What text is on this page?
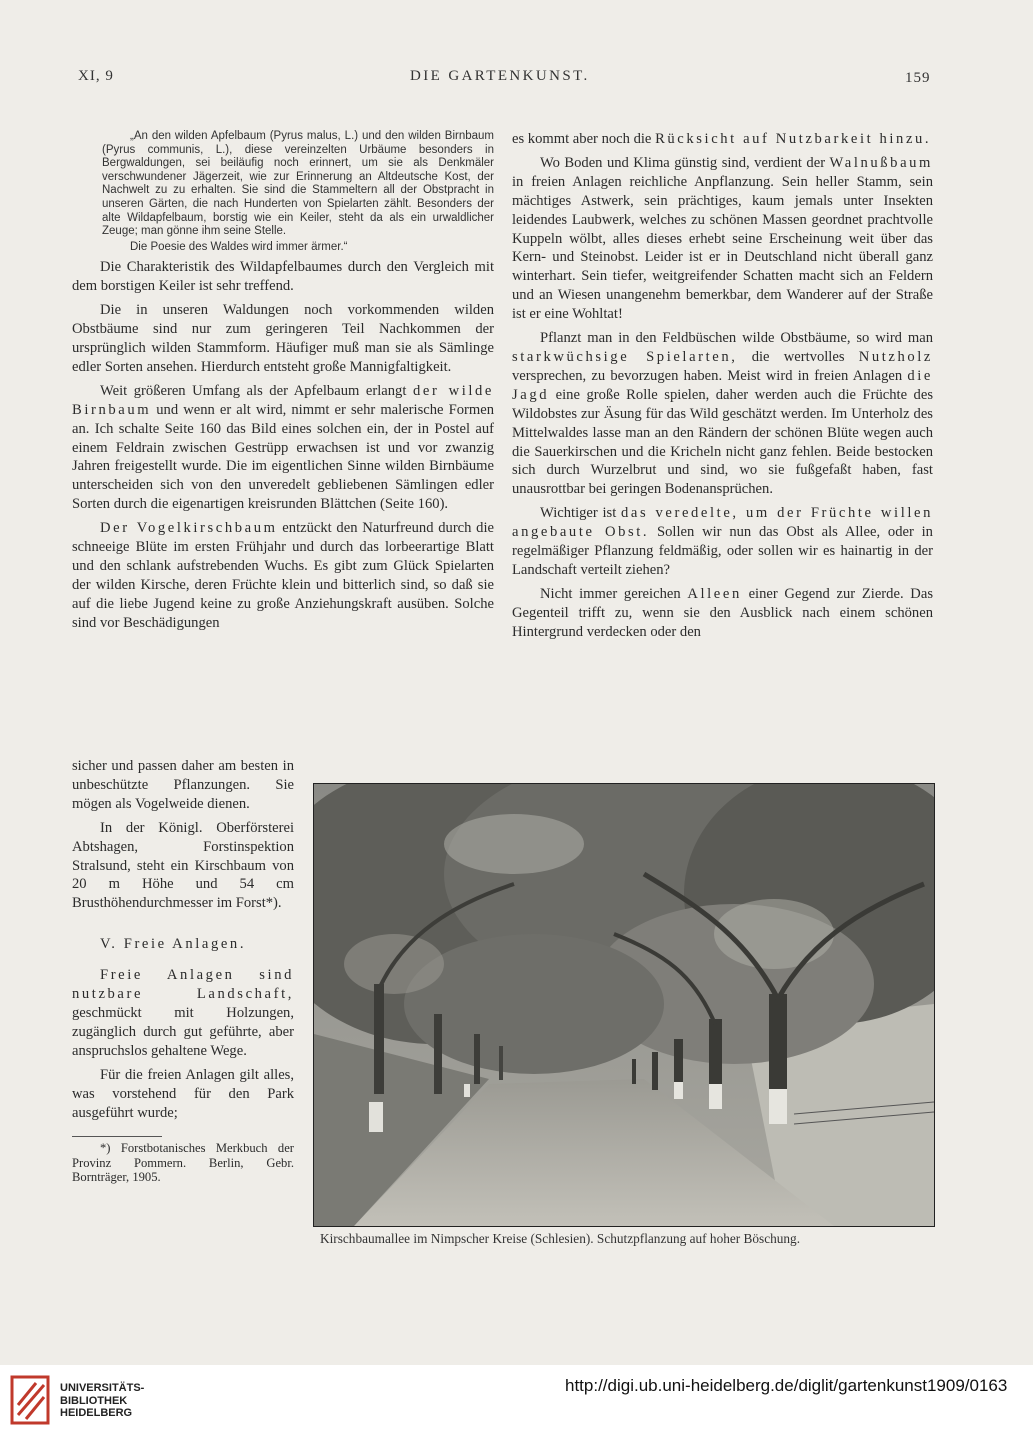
XI, 9	DIE GARTENKUNST.	159

„An den wilden Apfelbaum (Pyrus malus, L.) und den wilden Birnbaum (Pyrus communis, L.), diese vereinzelten Urbäume besonders in Bergwaldungen, sei beiläufig noch erinnert, um sie als Denkmäler verschwundener Jägerzeit, wie zur Erinnerung an Altdeutsche Kost, der Nachwelt zu zu erhalten. Sie sind die Stammeltern all der Obstpracht in unseren Gärten, die nach Hunderten von Spielarten zählt. Besonders der alte Wildapfelbaum, borstig wie ein Keiler, steht da als ein urwaldlicher Zeuge; man gönne ihm seine Stelle.

Die Poesie des Waldes wird immer ärmer.“

Die Charakteristik des Wildapfelbaumes durch den Vergleich mit dem borstigen Keiler ist sehr treffend.

Die in unseren Waldungen noch vorkommenden wilden Obstbäume sind nur zum geringeren Teil Nachkommen der ursprünglich wilden Stammform. Häufiger muß man sie als Sämlinge edler Sorten ansehen. Hierdurch entsteht große Mannigfaltigkeit.

Weit größeren Umfang als der Apfelbaum erlangt der wilde Birnbaum und wenn er alt wird, nimmt er sehr malerische Formen an. Ich schalte Seite 160 das Bild eines solchen ein, der in Postel auf einem Feldrain zwischen Gestrüpp erwachsen ist und vor zwanzig Jahren freigestellt wurde. Die im eigentlichen Sinne wilden Birnbäume unterscheiden sich von den unveredelt gebliebenen Sämlingen edler Sorten durch die eigenartigen kreisrunden Blättchen (Seite 160).

Der Vogelkirschbaum entzückt den Naturfreund durch die schneeige Blüte im ersten Frühjahr und durch das lorbeerartige Blatt und den schlank aufstrebenden Wuchs. Es gibt zum Glück Spielarten der wilden Kirsche, deren Früchte klein und bitterlich sind, so daß sie auf die liebe Jugend keine zu große Anziehungskraft ausüben. Solche sind vor Beschädigungen

sicher und passen daher am besten in unbeschützte Pflanzungen. Sie mögen als Vogelweide dienen.

In der Königl. Oberförsterei Abtshagen, Forstinspektion Stralsund, steht ein Kirschbaum von 20 m Höhe und 54 cm Brusthöhendurchmesser im Forst*).

V. Freie Anlagen.

Freie Anlagen sind nutzbare Landschaft, geschmückt mit Holzungen, zugänglich durch gut geführte, aber anspruchslos gehaltene Wege.

Für die freien Anlagen gilt alles, was vorstehend für den Park ausgeführt wurde;

*) Forstbotanisches Merkbuch der Provinz Pommern. Berlin, Gebr. Bornträger, 1905.

es kommt aber noch die Rücksicht auf Nutzbarkeit hinzu.

Wo Boden und Klima günstig sind, verdient der Walnußbaum in freien Anlagen reichliche Anpflanzung. Sein heller Stamm, sein mächtiges Astwerk, sein prächtiges, kaum jemals unter Insekten leidendes Laubwerk, welches zu schönen Massen geordnet prachtvolle Kuppeln wölbt, alles dieses erhebt seine Erscheinung weit über das Kern- und Steinobst. Leider ist er in Deutschland nicht überall ganz winterhart. Sein tiefer, weitgreifender Schatten macht sich an Feldern und an Wiesen unangenehm bemerkbar, dem Wanderer auf der Straße ist er eine Wohltat!

Pflanzt man in den Feldbüschen wilde Obstbäume, so wird man starkwüchsige Spielarten, die wertvolles Nutzholz versprechen, zu bevorzugen haben. Meist wird in freien Anlagen die Jagd eine große Rolle spielen, daher werden auch die Früchte des Wildobstes zur Äsung für das Wild geschätzt werden. Im Unterholz des Mittelwaldes lasse man an den Rändern der schönen Blüte wegen auch die Sauerkirschen und die Kricheln nicht ganz fehlen. Beide bestocken sich durch Wurzelbrut und sind, wo sie fußgefaßt haben, fast unausrottbar bei geringen Bodenansprüchen.

Wichtiger ist das veredelte, um der Früchte willen angebaute Obst. Sollen wir nun das Obst als Allee, oder in regelmäßiger Pflanzung feldmäßig, oder sollen wir es hainartig in der Landschaft verteilt ziehen?

Nicht immer gereichen Alleen einer Gegend zur Zierde. Das Gegenteil trifft zu, wenn sie den Ausblick nach einem schönen Hintergrund verdecken oder den

Kirschbaumallee im Nimpscher Kreise (Schlesien). Schutzpflanzung auf hoher Böschung.
UNIVERSITÄTS-
BIBLIOTHEK
HEIDELBERG
http://digi.ub.uni-heidelberg.de/diglit/gartenkunst1909/0163
